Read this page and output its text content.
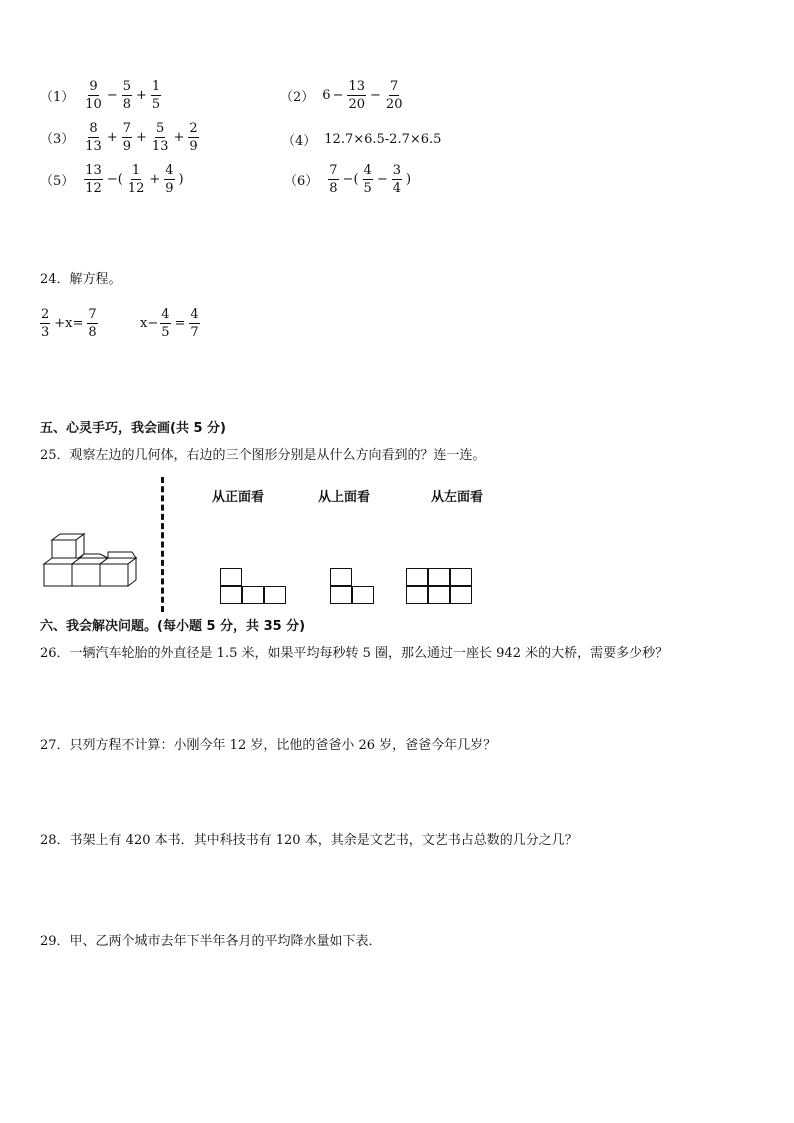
$(1) \frac{9}{10} - \frac{5}{8} + \frac{1}{5}$	（2） $6 - \frac{13}{20} - \frac{7}{20}$
$(3) \frac{8}{13} + \frac{7}{9} + \frac{5}{13} + \frac{2}{9}$	（4） 12.7×6.5-2.7×6.5
$(5) \frac{13}{12}$ −( $\frac{1}{12} + \frac{4}{9}$ )	$(6) \frac{7}{8}$ −( $\frac{4}{5} - \frac{3}{4}$ )
24．解方程。
$\frac{2}{3} +x= \frac{7}{8}$	$x- \frac{4}{5} = \frac{4}{7}$
五、心灵手巧，我会画(共 5 分)
25．观察左边的几何体，右边的三个图形分别是从什么方向看到的？连一连。
从正面看	从上面看	从左面看
六、我会解决问题。(每小题 5 分，共 35 分)
26．一辆汽车轮胎的外直径是 1.5 米，如果平均每秒转 5 圈，那么通过一座长 942 米的大桥，需要多少秒？
27．只列方程不计算：小刚今年 12 岁，比他的爸爸小 26 岁，爸爸今年几岁？
28．书架上有 420 本书．其中科技书有 120 本，其余是文艺书，文艺书占总数的几分之几？
29．甲、乙两个城市去年下半年各月的平均降水量如下表．
